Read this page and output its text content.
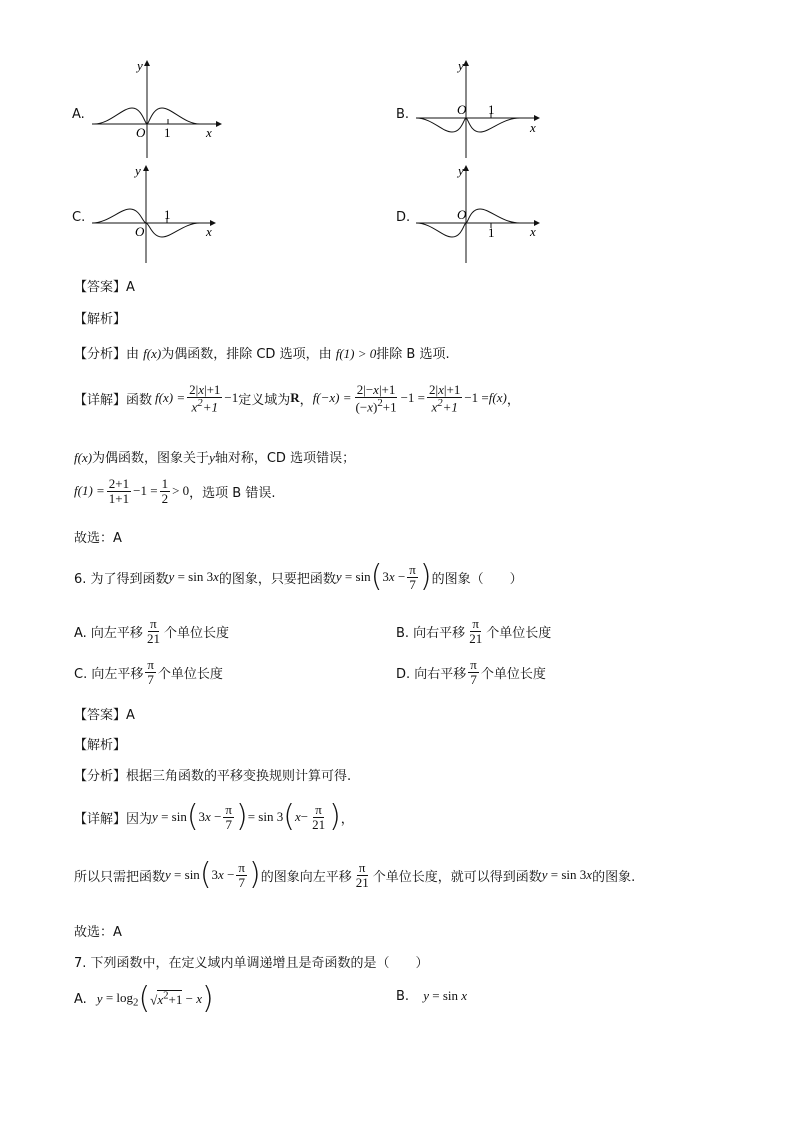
A.
y
O 1	x
B.
y
O 1
x
C.
y
O
1
x
D.
y
O
1	x
【答案】A
【解析】
【分析】由 f(x)为偶函数，排除 CD 选项，由 f(1) > 0排除 B 选项.
【详解】 函数 $f(x) = \frac{2|x|+1}{x^2+1} -1$ 定义域为 R ， $f(-x) = \frac{2|-x|+1}{(-x)^2+1} -1 = \frac{2|x|+1}{x^2+1} -1 = f(x)$ ，
f(x)为偶函数，图象关于y轴对称，CD 选项错误；
$f(1) = \frac{2+1}{1+1} -1 = \frac{1}{2} > 0$ ，选项 B 错误.
故选：A
6. 为了得到函数 y = sin 3x 的图象，只要把函数 y = sin ( $3x - \frac{\pi}{7}$ ) 的图象（　　）
A. 向左平移 $\frac{\pi}{21}$ 个单位长度	B. 向右平移 $\frac{\pi}{21}$ 个单位长度
C. 向左平移 $\frac{\pi}{7}$ 个单位长度	D. 向右平移 $\frac{\pi}{7}$ 个单位长度
【答案】A
【解析】
【分析】根据三角函数的平移变换规则计算可得.
【详解】 因为 y = sin ( $3x - \frac{\pi}{7}$ ) = sin 3 ( $x - \frac{\pi}{21}$ ) ，
所以只需把函数 y = sin ( $3x - \frac{\pi}{7}$ ) 的图象向左平移 $\frac{\pi}{21}$ 个单位长度，就可以得到函数 y = sin 3x 的图象.
故选：A
7. 下列函数中，在定义域内单调递增且是奇函数的是（　　）
A. $y = \log_2$ ( $√x^2+1 - x$ )	B. y = sin x
